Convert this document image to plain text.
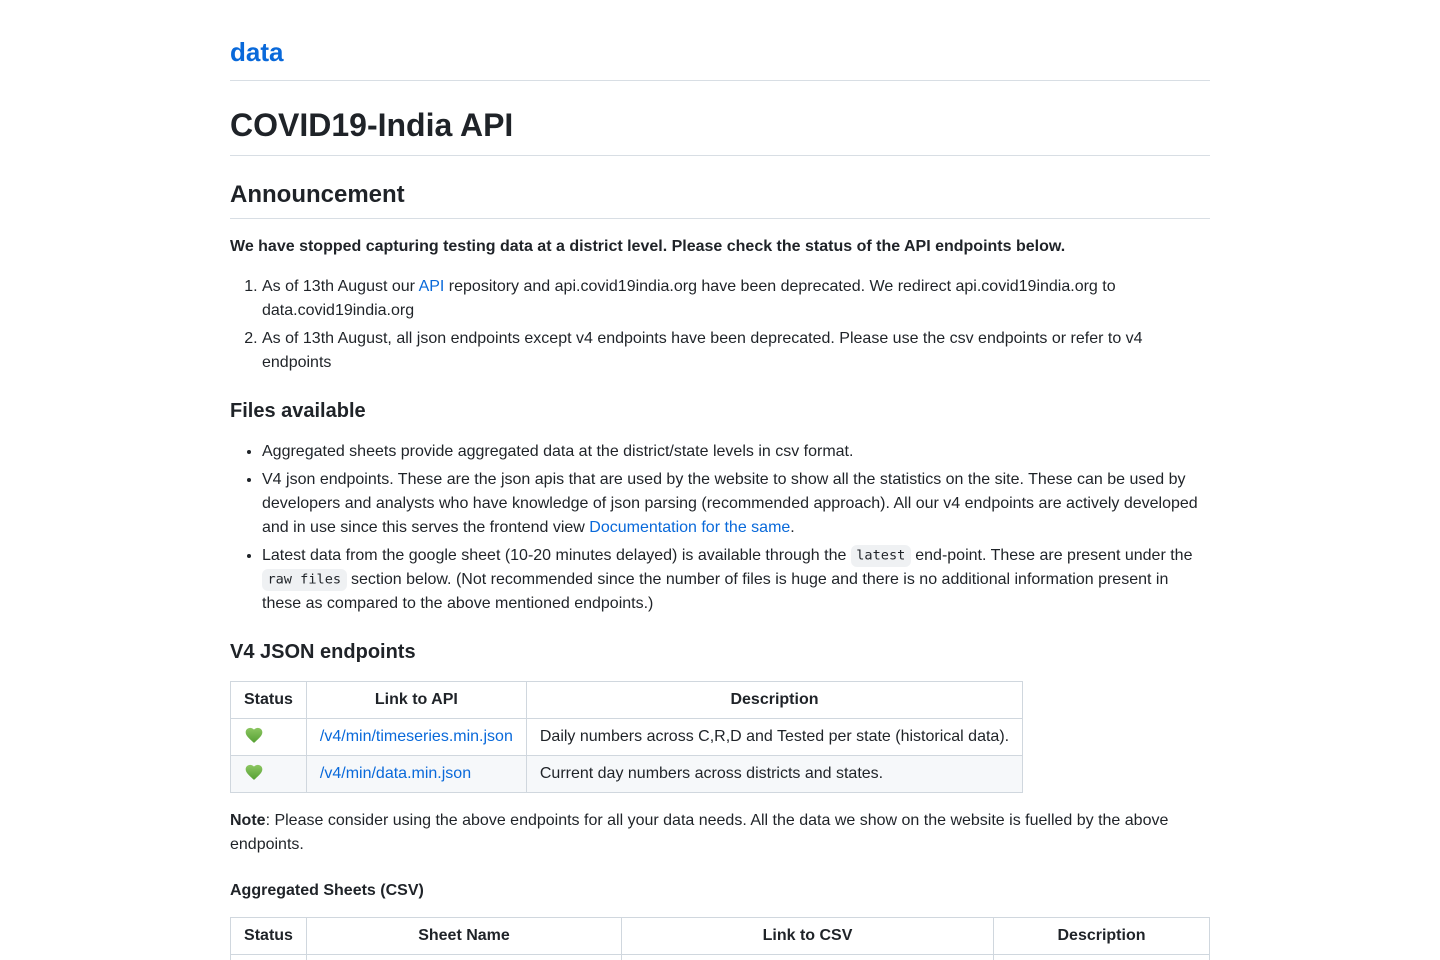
data
COVID19-India API
Announcement

We have stopped capturing testing data at a district level. Please check the status of the API endpoints below.

1. As of 13th August our API repository and api.covid19india.org have been deprecated. We redirect api.covid19india.org to data.covid19india.org
2. As of 13th August, all json endpoints except v4 endpoints have been deprecated. Please use the csv endpoints or refer to v4 endpoints
Files available
• Aggregated sheets provide aggregated data at the district/state levels in csv format.
• V4 json endpoints. These are the json apis that are used by the website to show all the statistics on the site. These can be used by developers and analysts who have knowledge of json parsing (recommended approach). All our v4 endpoints are actively developed and in use since this serves the frontend view Documentation for the same.
• Latest data from the google sheet (10-20 minutes delayed) is available through the latest end-point. These are present under the raw files section below. (Not recommended since the number of files is huge and there is no additional information present in these as compared to the above mentioned endpoints.)
V4 JSON endpoints
Status	Link to API	Description
	/v4/min/timeseries.min.json	Daily numbers across C,R,D and Tested per state (historical data).
	/v4/min/data.min.json	Current day numbers across districts and states.

Note: Please consider using the above endpoints for all your data needs. All the data we show on the website is fuelled by the above endpoints.

Aggregated Sheets (CSV)
Status	Sheet Name	Link to CSV	Description
